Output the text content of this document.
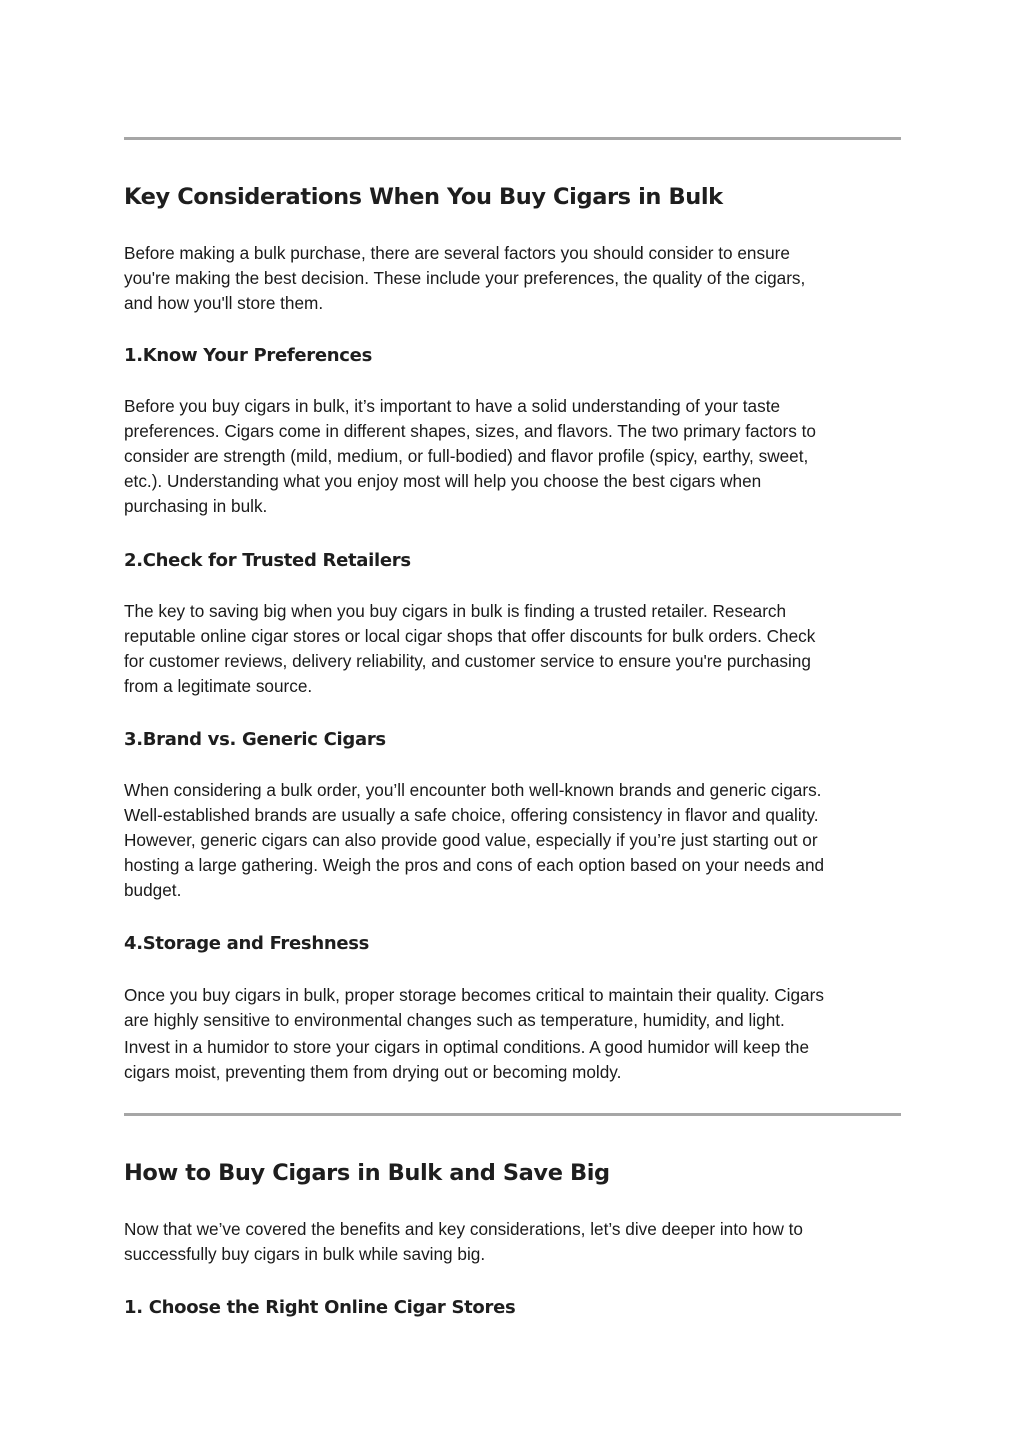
Key Considerations When You Buy Cigars in Bulk

Before making a bulk purchase, there are several factors you should consider to ensure
you're making the best decision. These include your preferences, the quality of the cigars,
and how you'll store them.

1.Know Your Preferences

Before you buy cigars in bulk, it’s important to have a solid understanding of your taste
preferences. Cigars come in different shapes, sizes, and flavors. The two primary factors to
consider are strength (mild, medium, or full-bodied) and flavor profile (spicy, earthy, sweet,
etc.). Understanding what you enjoy most will help you choose the best cigars when
purchasing in bulk.

2.Check for Trusted Retailers

The key to saving big when you buy cigars in bulk is finding a trusted retailer. Research
reputable online cigar stores or local cigar shops that offer discounts for bulk orders. Check
for customer reviews, delivery reliability, and customer service to ensure you're purchasing
from a legitimate source.

3.Brand vs. Generic Cigars

When considering a bulk order, you’ll encounter both well-known brands and generic cigars.
Well-established brands are usually a safe choice, offering consistency in flavor and quality.
However, generic cigars can also provide good value, especially if you’re just starting out or
hosting a large gathering. Weigh the pros and cons of each option based on your needs and
budget.

4.Storage and Freshness

Once you buy cigars in bulk, proper storage becomes critical to maintain their quality. Cigars
are highly sensitive to environmental changes such as temperature, humidity, and light.
Invest in a humidor to store your cigars in optimal conditions. A good humidor will keep the
cigars moist, preventing them from drying out or becoming moldy.

How to Buy Cigars in Bulk and Save Big

Now that we’ve covered the benefits and key considerations, let’s dive deeper into how to
successfully buy cigars in bulk while saving big.

1. Choose the Right Online Cigar Stores
